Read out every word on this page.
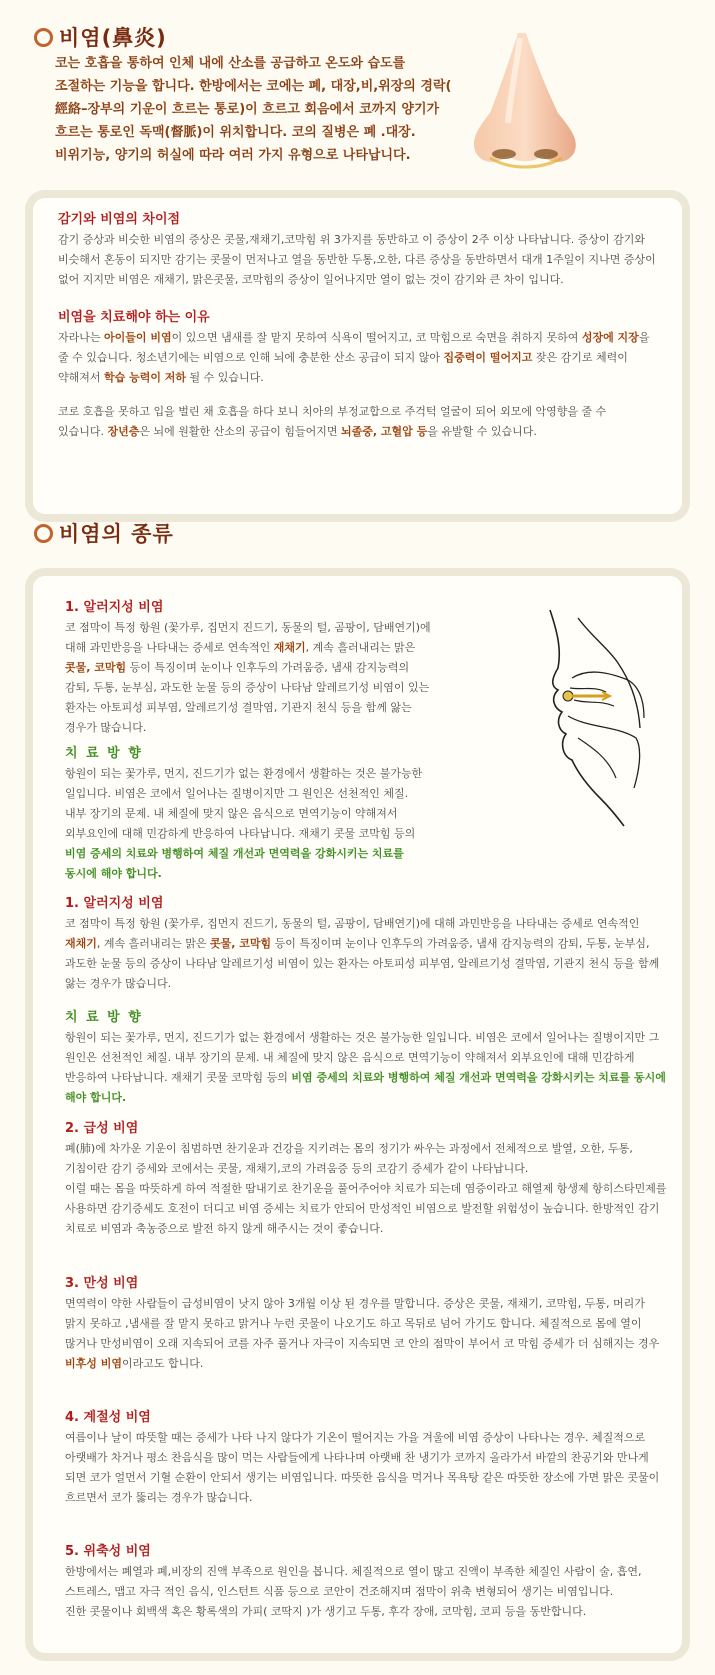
비염(鼻炎)

코는 호흡을 통하여 인체 내에 산소를 공급하고 온도와 습도를
조절하는 기능을 합니다. 한방에서는 코에는 폐, 대장,비,위장의 경락(
經絡–장부의 기운이 흐르는 통로)이 흐르고 회음에서 코까지 양기가
흐르는 통로인 독맥(督脈)이 위치합니다. 코의 질병은 폐 .대장.
비위기능, 양기의 허실에 따라 여러 가지 유형으로 나타납니다.

감기와 비염의 차이점

감기 증상과 비슷한 비염의 증상은 콧물,재채기,코막힘 위 3가지를 동반하고 이 증상이 2주 이상 나타납니다. 증상이 감기와
비슷해서 혼동이 되지만 감기는 콧물이 먼저나고 열을 동반한 두통,오한, 다른 증상을 동반하면서 대개 1주일이 지나면 증상이
없어 지지만 비염은 재채기, 맑은콧물, 코막힘의 증상이 일어나지만 열이 없는 것이 감기와 큰 차이 입니다.

비염을 치료해야 하는 이유

자라나는 아이들이 비염이 있으면 냄새를 잘 맡지 못하여 식욕이 떨어지고, 코 막힘으로 숙면을 취하지 못하여 성장에 지장을
줄 수 있습니다. 청소년기에는 비염으로 인해 뇌에 충분한 산소 공급이 되지 않아 집중력이 떨어지고 잦은 감기로 체력이
약해져서 학습 능력이 저하 될 수 있습니다.

코로 호흡을 못하고 입을 벌린 채 호흡을 하다 보니 치아의 부정교합으로 주걱턱 얼굴이 되어 외모에 악영향을 줄 수
있습니다. 장년층은 뇌에 원활한 산소의 공급이 힘들어지면 뇌졸중, 고혈압 등을 유발할 수 있습니다.

비염의 종류
1. 알러지성 비염

코 점막이 특정 항원 (꽃가루, 집먼지 진드기, 동물의 털, 곰팡이, 담배연기)에
대해 과민반응을 나타내는 증세로 연속적인 재채기, 계속 흘러내리는 맑은
콧물, 코막힘 등이 특징이며 눈이나 인후두의 가려움증, 냄새 감지능력의
감퇴, 두통, 눈부심, 과도한 눈물 등의 증상이 나타남 알레르기성 비염이 있는
환자는 아토피성 피부염, 알레르기성 결막염, 기관지 천식 등을 함께 앓는
경우가 많습니다.

치 료 방 향

항원이 되는 꽃가루, 먼지, 진드기가 없는 환경에서 생활하는 것은 불가능한
일입니다. 비염은 코에서 일어나는 질병이지만 그 원인은 선천적인 체질.
내부 장기의 문제. 내 체질에 맞지 않은 음식으로 면역기능이 약해져서
외부요인에 대해 민감하게 반응하여 나타납니다. 재채기 콧물 코막힘 등의
비염 증세의 치료와 병행하여 체질 개선과 면역력을 강화시키는 치료를
동시에 해야 합니다.

1. 알러지성 비염

코 점막이 특정 항원 (꽃가루, 집먼지 진드기, 동물의 털, 곰팡이, 담배연기)에 대해 과민반응을 나타내는 증세로 연속적인
재채기, 계속 흘러내리는 맑은 콧물, 코막힘 등이 특징이며 눈이나 인후두의 가려움증, 냄새 감지능력의 감퇴, 두통, 눈부심,
과도한 눈물 등의 증상이 나타남 알레르기성 비염이 있는 환자는 아토피성 피부염, 알레르기성 결막염, 기관지 천식 등을 함께
앓는 경우가 많습니다.

치 료 방 향

항원이 되는 꽃가루, 먼지, 진드기가 없는 환경에서 생활하는 것은 불가능한 일입니다. 비염은 코에서 일어나는 질병이지만 그
원인은 선천적인 체질. 내부 장기의 문제. 내 체질에 맞지 않은 음식으로 면역기능이 약해져서 외부요인에 대해 민감하게
반응하여 나타납니다. 재채기 콧물 코막힘 등의 비염 증세의 치료와 병행하여 체질 개선과 면역력을 강화시키는 치료를 동시에
해야 합니다.

2. 급성 비염

폐(肺)에 차가운 기운이 침범하면 찬기운과 건강을 지키려는 몸의 정기가 싸우는 과정에서 전체적으로 발열, 오한, 두통,
기침이란 감기 증세와 코에서는 콧물, 재채기,코의 가려움증 등의 코감기 증세가 같이 나타납니다.
이럴 때는 몸을 따뜻하게 하여 적절한 땀내기로 찬기운을 풀어주어야 치료가 되는데 염증이라고 해열제 항생제 항히스타민제를
사용하면 감기증세도 호전이 더디고 비염 증세는 치료가 안되어 만성적인 비염으로 발전할 위험성이 높습니다. 한방적인 감기
치료로 비염과 축농증으로 발전 하지 않게 해주시는 것이 좋습니다.

3. 만성 비염

면역력이 약한 사람들이 급성비염이 낫지 않아 3개월 이상 된 경우를 말합니다. 증상은 콧물, 재채기, 코막힘, 두통, 머리가
맑지 못하고 ,냄새를 잘 맡지 못하고 맑거나 누런 콧물이 나오기도 하고 목뒤로 넘어 가기도 합니다. 체질적으로 몸에 열이
많거나 만성비염이 오래 지속되어 코를 자주 풀거나 자극이 지속되면 코 안의 점막이 부어서 코 막힘 증세가 더 심해지는 경우
비후성 비염이라고도 합니다.

4. 계절성 비염

여름이나 날이 따뜻할 때는 증세가 나타 나지 않다가 기온이 떨어지는 가을 겨울에 비염 증상이 나타나는 경우. 체질적으로
아랫배가 차거나 평소 찬음식을 많이 먹는 사람들에게 나타나며 아랫배 찬 냉기가 코까지 올라가서 바깥의 찬공기와 만나게
되면 코가 얼먼서 기혈 순환이 안되서 생기는 비염입니다. 따뜻한 음식을 먹거나 목욕탕 같은 따뜻한 장소에 가면 맑은 콧물이
흐르면서 코가 뚫리는 경우가 많습니다.

5. 위축성 비염

한방에서는 폐열과 폐,비장의 진액 부족으로 원인을 봅니다. 체질적으로 열이 많고 진액이 부족한 체질인 사람이 술, 흡연,
스트레스, 맵고 자극 적인 음식, 인스턴트 식품 등으로 코안이 건조해지며 점막이 위축 변형되어 생기는 비염입니다.
진한 콧물이나 회백색 혹은 황록색의 가피( 코딱지 )가 생기고 두통, 후각 장애, 코막힘, 코피 등을 동반합니다.
